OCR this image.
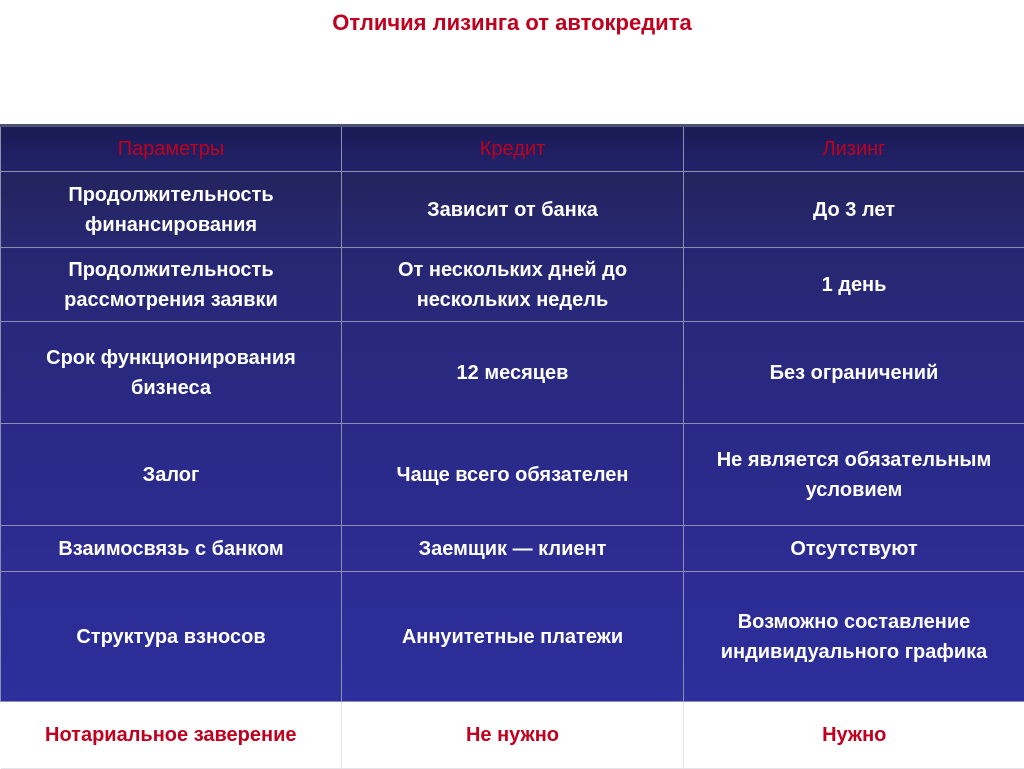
Отличия лизинга от автокредита
Параметры	Кредит	Лизинг
Продолжительность финансирования	Зависит от банка	До 3 лет
Продолжительность рассмотрения заявки	От нескольких дней до нескольких недель	1 день
Срок функционирования бизнеса	12 месяцев	Без ограничений
Залог	Чаще всего обязателен	Не является обязательным условием
Взаимосвязь с банком	Заемщик — клиент	Отсутствуют
Структура взносов	Аннуитетные платежи	Возможно составление индивидуального графика
Нотариальное заверение	Не нужно	Нужно
